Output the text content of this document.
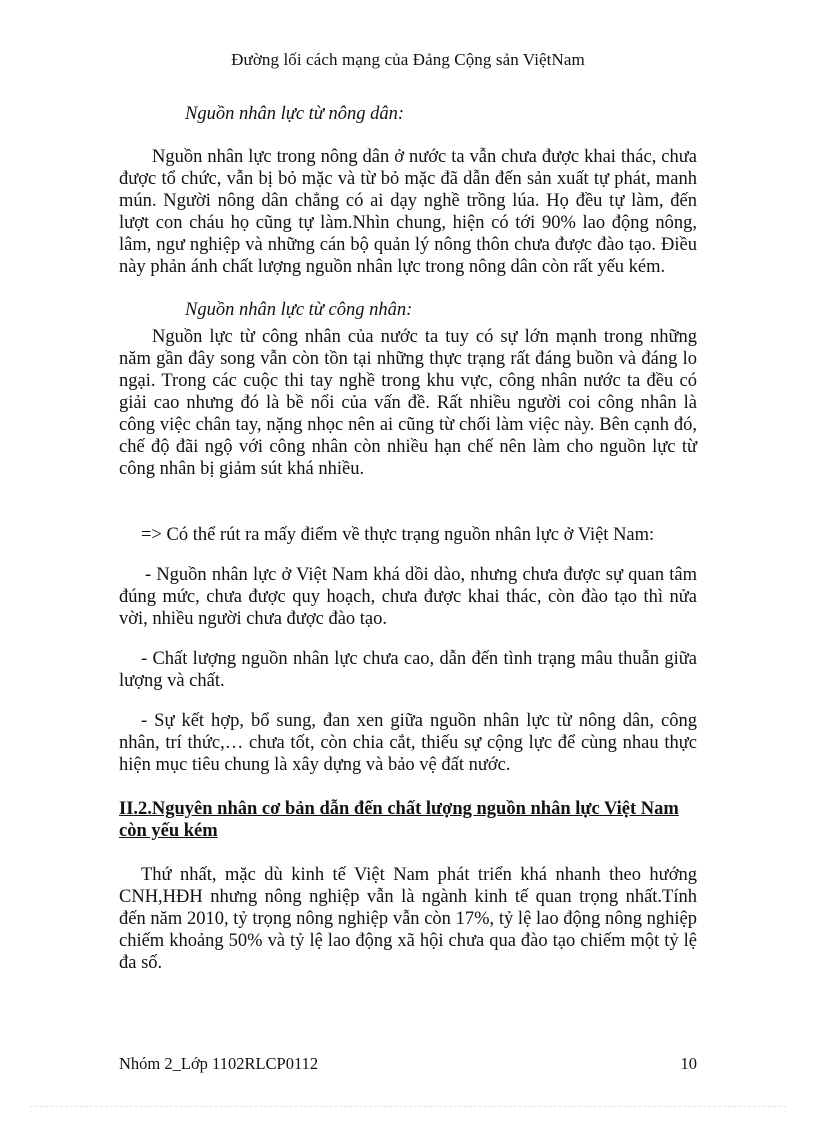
Đường lối cách mạng của Đảng Cộng sản ViệtNam

Nguồn nhân lực từ nông dân:

Nguồn nhân lực trong nông dân ở nước ta vẫn chưa được khai thác, chưa được tổ chức, vẫn bị bỏ mặc và từ bỏ mặc đã dẫn đến sản xuất tự phát, manh mún. Người nông dân chẳng có ai dạy nghề trồng lúa. Họ đều tự làm, đến lượt con cháu họ cũng tự làm.Nhìn chung, hiện có tới 90% lao động nông, lâm, ngư nghiệp và những cán bộ quản lý nông thôn chưa được đào tạo. Điều này phản ánh chất lượng nguồn nhân lực trong nông dân còn rất yếu kém.

Nguồn nhân lực từ công nhân:

Nguồn lực từ công nhân của nước ta tuy có sự lớn mạnh trong những năm gần đây song vẫn còn tồn tại những thực trạng rất đáng buồn và đáng lo ngại. Trong các cuộc thi tay nghề trong khu vực, công nhân nước ta đều có giải cao nhưng đó là bề nổi của vấn đề. Rất nhiều người coi công nhân là công việc chân tay, nặng nhọc nên ai cũng từ chối làm việc này. Bên cạnh đó, chế độ đãi ngộ với công nhân còn nhiều hạn chế nên làm cho nguồn lực từ công nhân bị giảm sút khá nhiều.

=> Có thể rút ra mấy điểm về thực trạng nguồn nhân lực ở Việt Nam:

- Nguồn nhân lực ở Việt Nam khá dồi dào, nhưng chưa được sự quan tâm đúng mức, chưa được quy hoạch, chưa được khai thác, còn đào tạo thì nửa vời, nhiều người chưa được đào tạo.

- Chất lượng nguồn nhân lực chưa cao, dẫn đến tình trạng mâu thuẫn giữa lượng và chất.

- Sự kết hợp, bổ sung, đan xen giữa nguồn nhân lực từ nông dân, công nhân, trí thức,… chưa tốt, còn chia cắt, thiếu sự cộng lực để cùng nhau thực hiện mục tiêu chung là xây dựng và bảo vệ đất nước.

II.2.Nguyên nhân cơ bản dẫn đến chất lượng nguồn nhân lực Việt Nam còn yếu kém

Thứ nhất, mặc dù kinh tế Việt Nam phát triển khá nhanh theo hướng CNH,HĐH nhưng nông nghiệp vẫn là ngành kinh tế quan trọng nhất.Tính đến năm 2010, tỷ trọng nông nghiệp vẫn còn 17%, tỷ lệ lao động nông nghiệp chiếm khoảng 50% và tỷ lệ lao động xã hội chưa qua đào tạo chiếm một tỷ lệ đa số.

Nhóm 2_Lớp 1102RLCP0112	10
